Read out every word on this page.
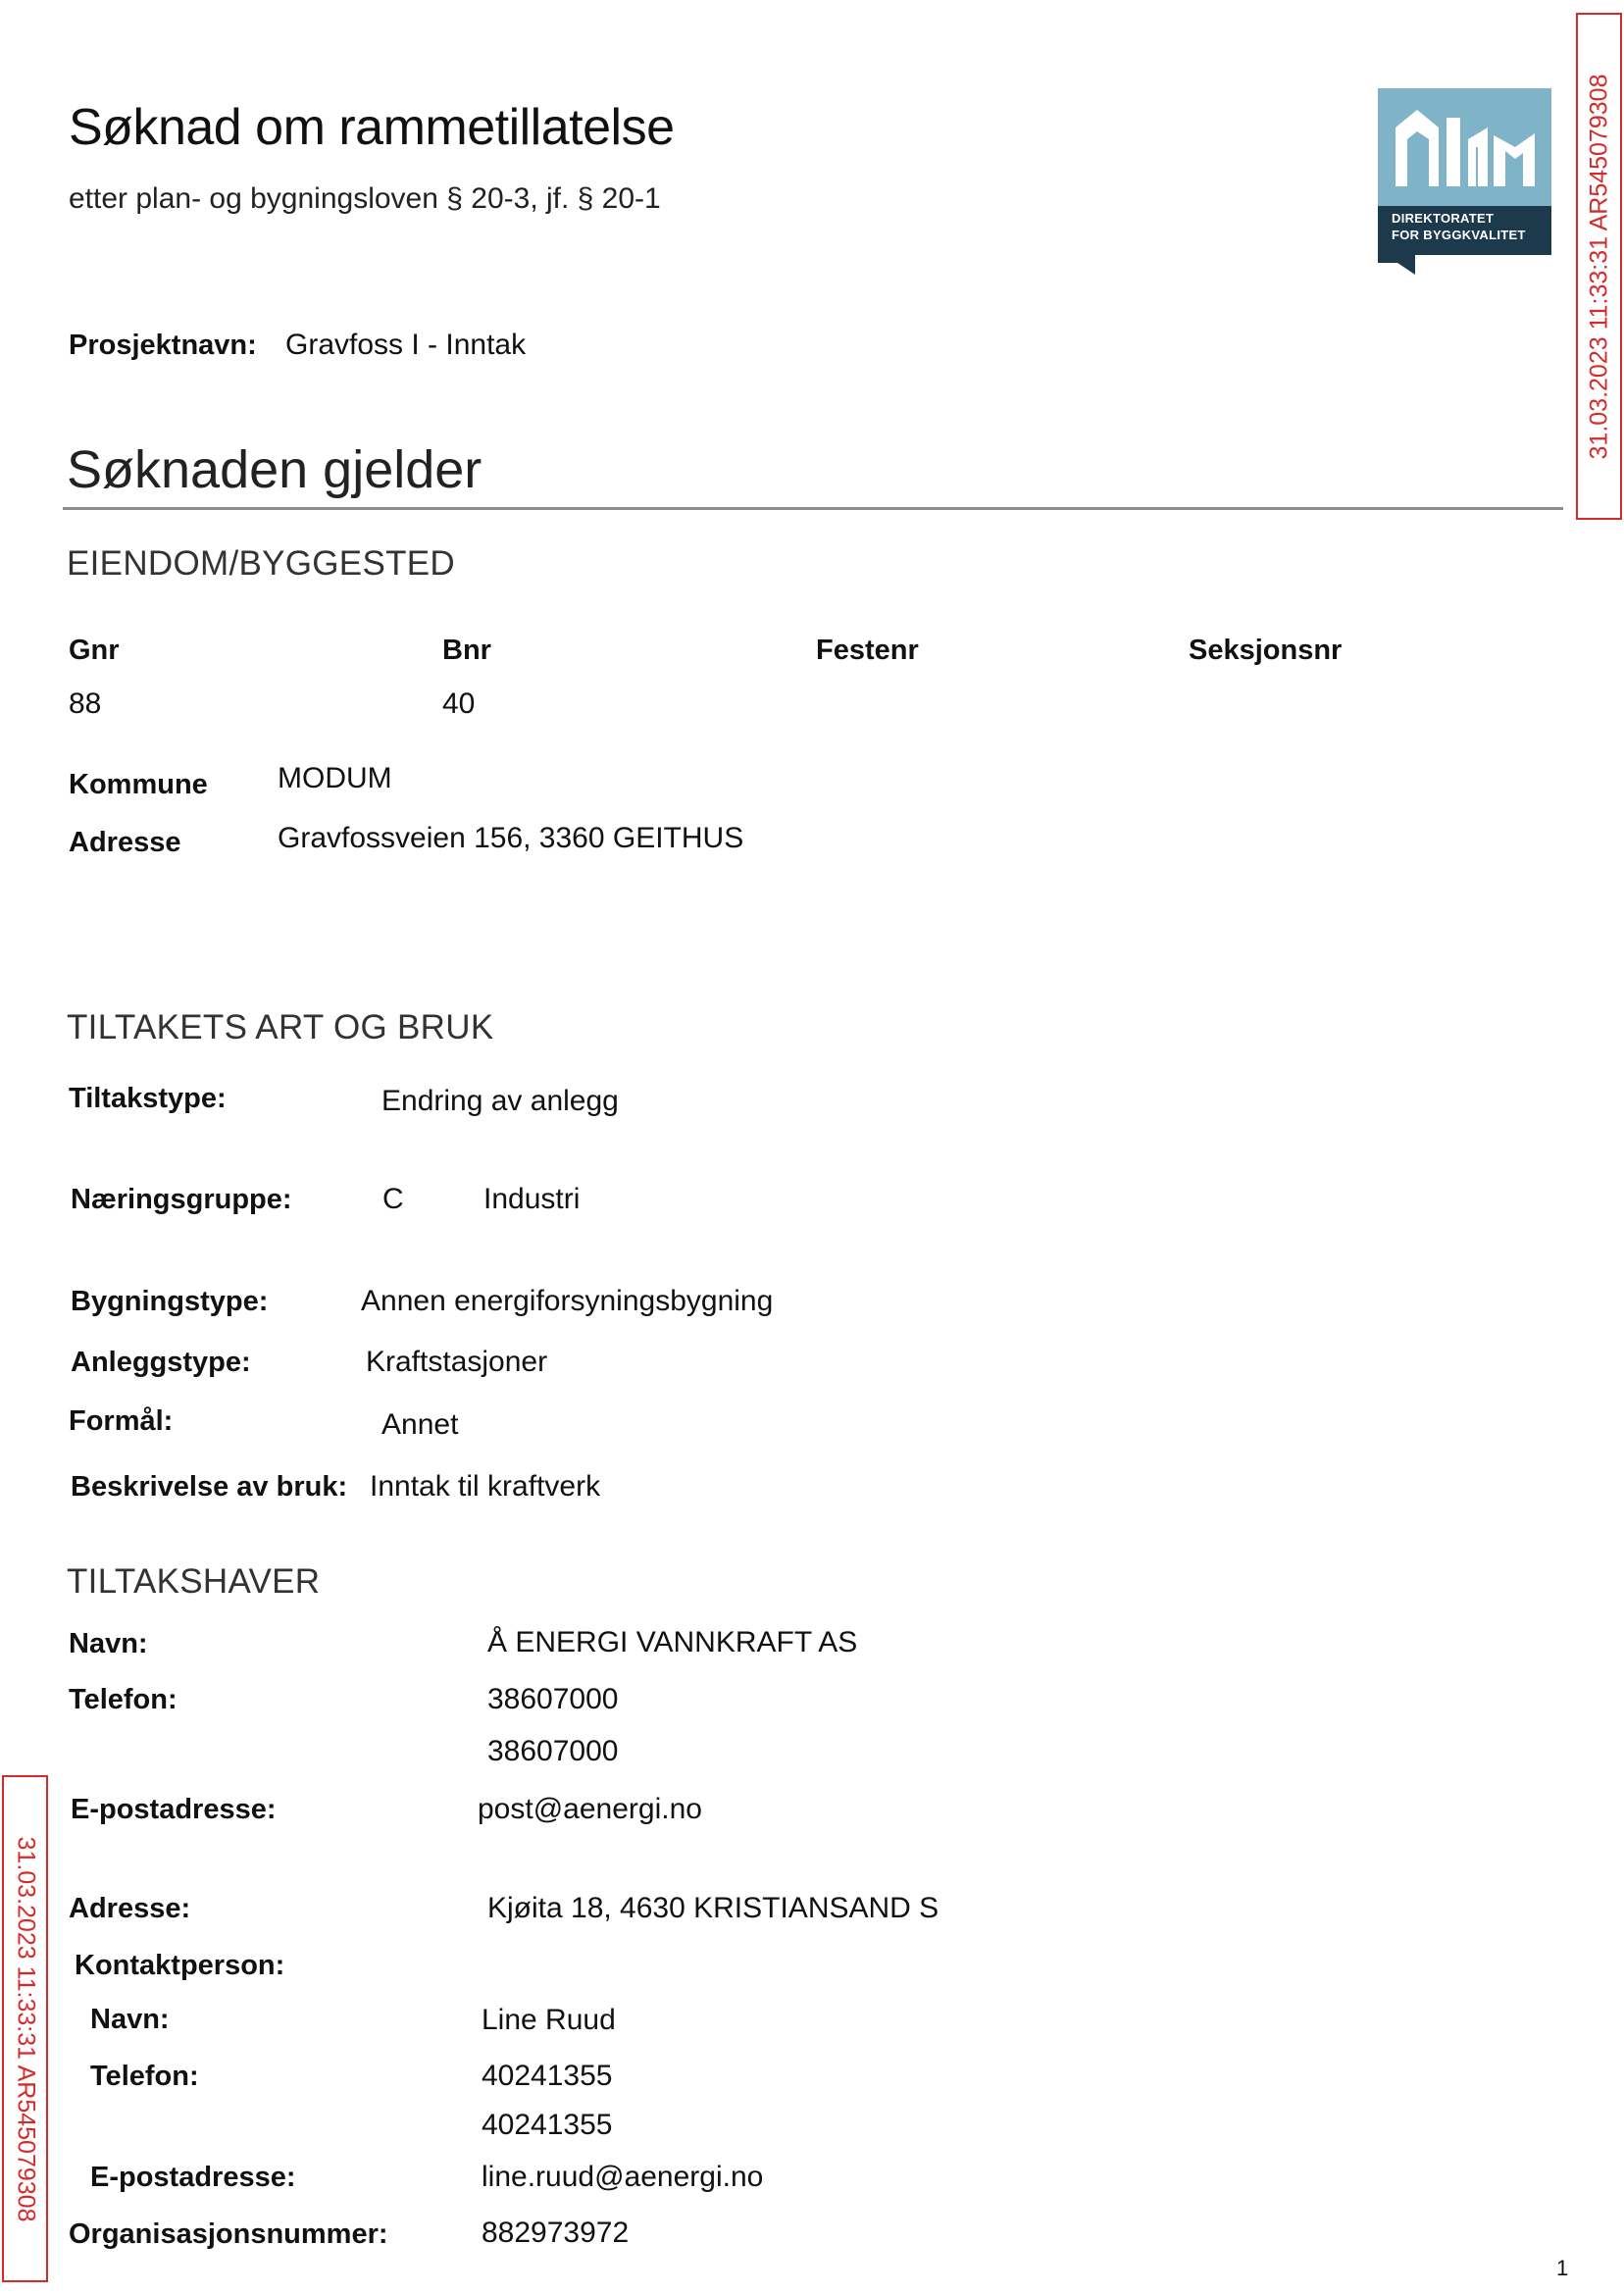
Søknad om rammetillatelse
etter plan- og bygningsloven § 20-3, jf. § 20-1
DIREKTORATET
FOR BYGGKVALITET 31.03.2023 11:33:31 AR545079308
Prosjektnavn: Gravfoss I - Inntak
Søknaden gjelder
EIENDOM/BYGGESTED
Gnr	Bnr	Festenr	Seksjonsnr
88	40
Kommune MODUM
Adresse	Gravfossveien 156, 3360 GEITHUS
TILTAKETS ART OG BRUK
Tiltakstype:	Endring av anlegg
Næringsgruppe:	C	Industri
Bygningstype:	Annen energiforsyningsbygning
Anleggstype:	Kraftstasjoner
Formål:	Annet
Beskrivelse av bruk: Inntak til kraftverk
TILTAKSHAVER
Navn:	Å ENERGI VANNKRAFT AS
Telefon:	38607000
38607000
E-postadresse:	post@aenergi.no
Adresse:	Kjøita 18, 4630 KRISTIANSAND S
Kontaktperson:
Navn:	Line Ruud
Telefon:	40241355
40241355
E-postadresse:	line.ruud@aenergi.no
Organisasjonsnummer:	882973972
31.03.2023 11:33:31 AR545079308
1
